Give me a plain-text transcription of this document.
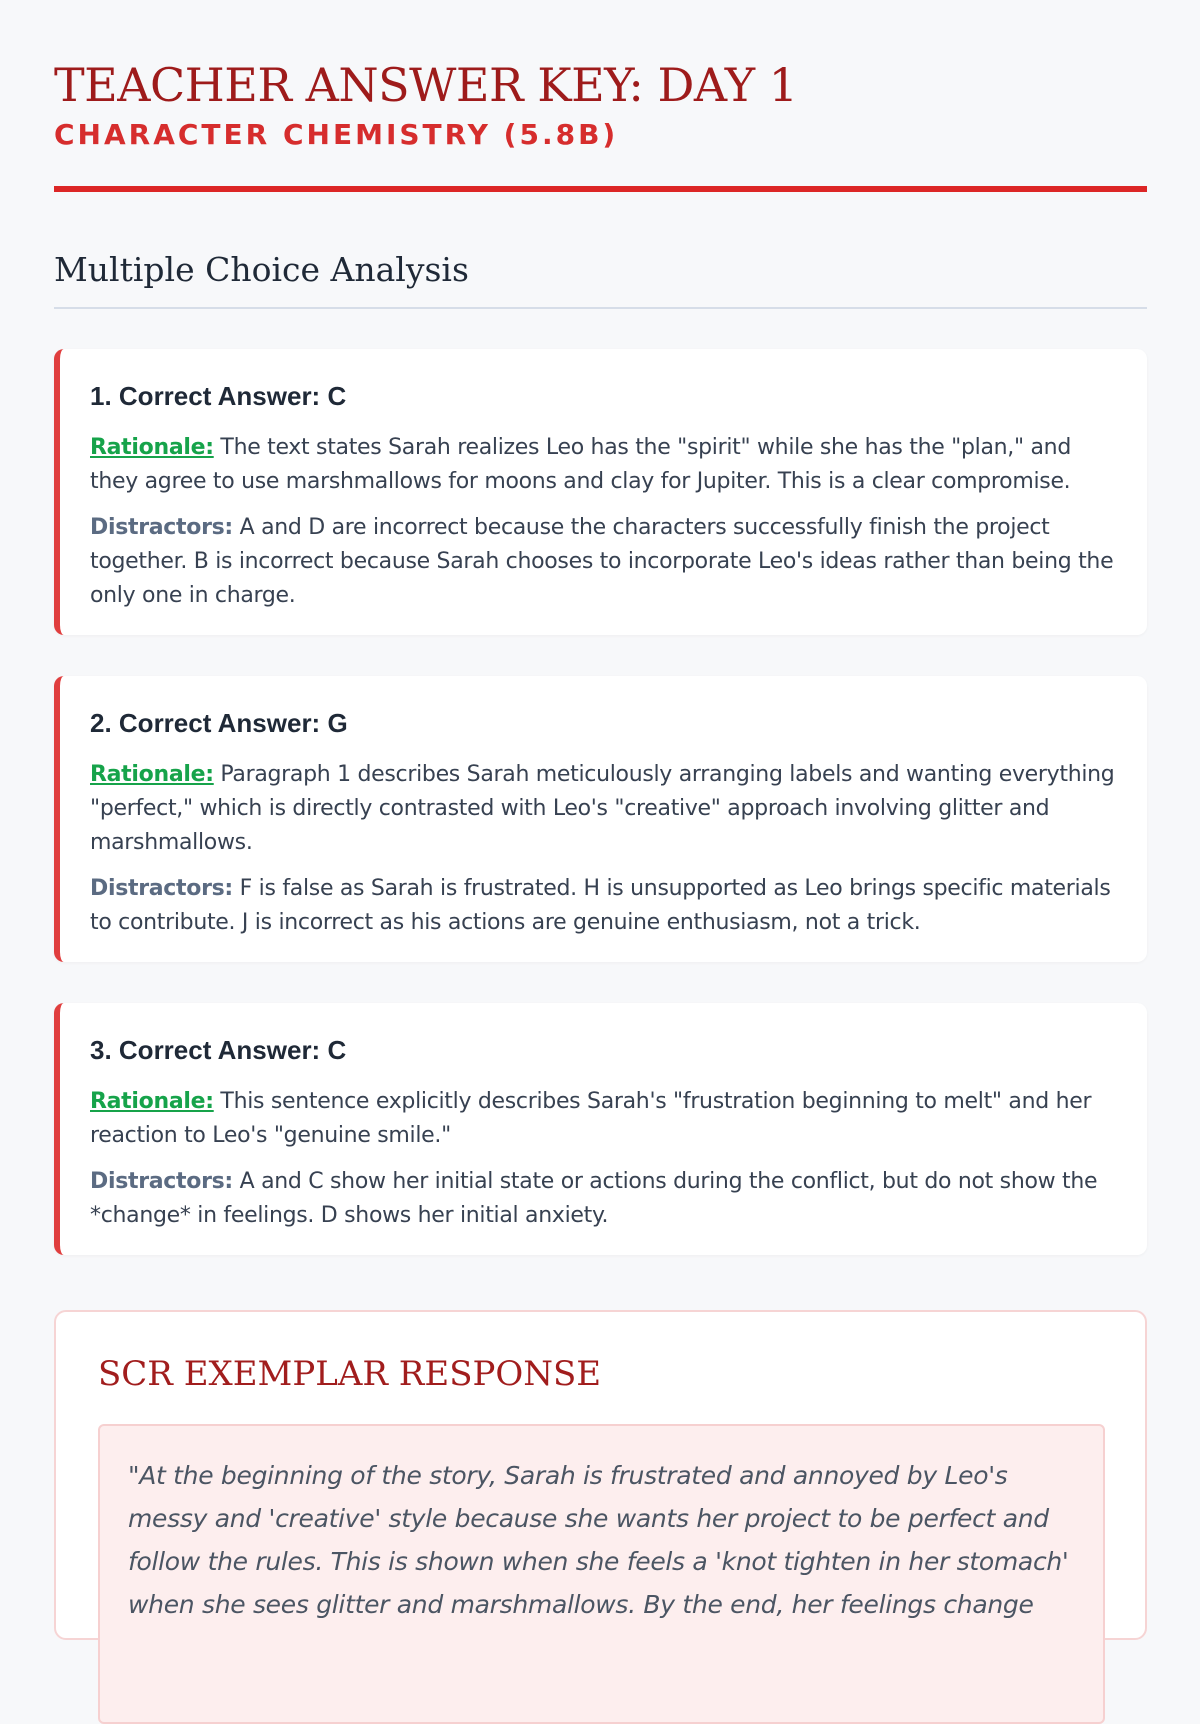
TEACHER ANSWER KEY: DAY 1
CHARACTER CHEMISTRY (5.8B)
Multiple Choice Analysis
1. Correct Answer: C

Rationale: The text states Sarah realizes Leo has the "spirit" while she has the "plan," and they agree to use marshmallows for moons and clay for Jupiter. This is a clear compromise.

Distractors: A and D are incorrect because the characters successfully finish the project together. B is incorrect because Sarah chooses to incorporate Leo's ideas rather than being the only one in charge.

2. Correct Answer: G

Rationale: Paragraph 1 describes Sarah meticulously arranging labels and wanting everything "perfect," which is directly contrasted with Leo's "creative" approach involving glitter and marshmallows.

Distractors: F is false as Sarah is frustrated. H is unsupported as Leo brings specific materials to contribute. J is incorrect as his actions are genuine enthusiasm, not a trick.

3. Correct Answer: C

Rationale: This sentence explicitly describes Sarah's "frustration beginning to melt" and her reaction to Leo's "genuine smile."

Distractors: A and C show her initial state or actions during the conflict, but do not show the *change* in feelings. D shows her initial anxiety.

SCR EXEMPLAR RESPONSE

"At the beginning of the story, Sarah is frustrated and annoyed by Leo's messy and 'creative' style because she wants her project to be perfect and follow the rules. This is shown when she feels a 'knot tighten in her stomach' when she sees glitter and marshmallows. By the end, her feelings change
